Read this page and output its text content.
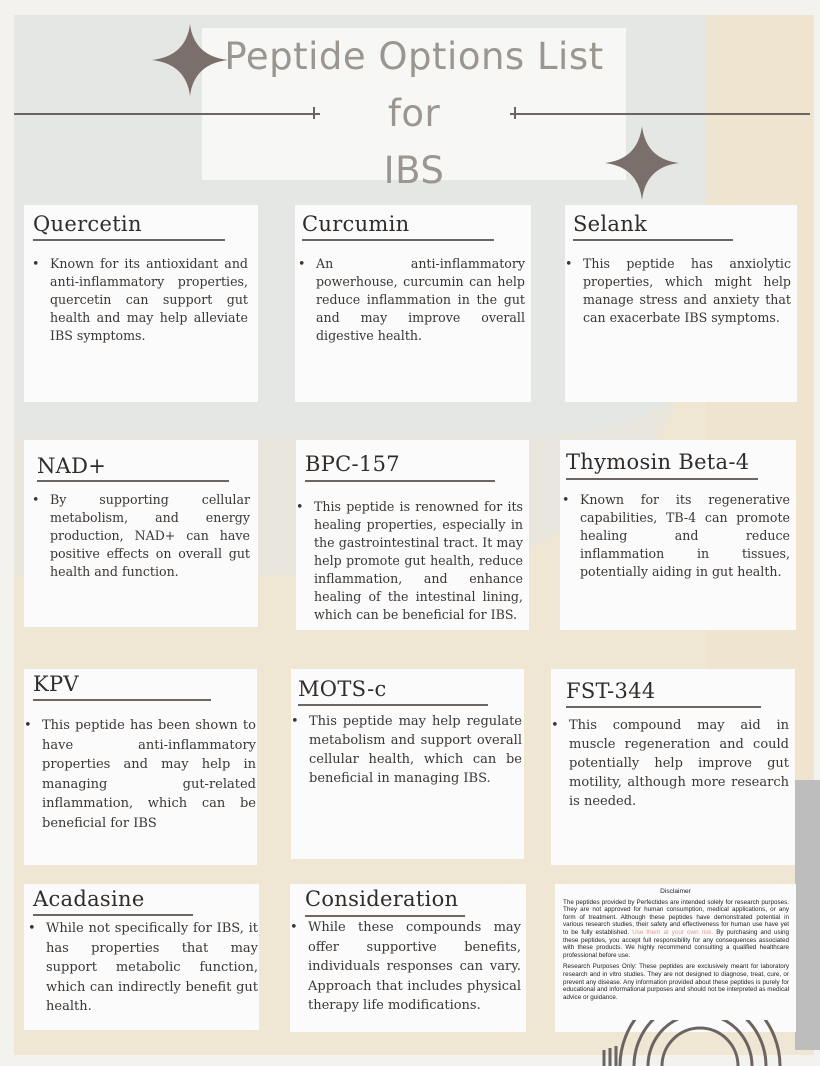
Peptide Options List
for
IBS
Quercetin
• Known for its antioxidant and anti-inflammatory properties, quercetin can support gut health and may help alleviate IBS symptoms.
Curcumin
• An anti-inflammatory powerhouse, curcumin can help reduce inflammation in the gut and may improve overall digestive health.
Selank
• This peptide has anxiolytic properties, which might help manage stress and anxiety that can exacerbate IBS symptoms.
NAD+
• By supporting cellular metabolism, and energy production, NAD+ can have positive effects on overall gut health and function.
BPC-157
• This peptide is renowned for its healing properties, especially in the gastrointestinal tract. It may help promote gut health, reduce inflammation, and enhance healing of the intestinal lining, which can be beneficial for IBS.
Thymosin Beta-4
• Known for its regenerative capabilities, TB-4 can promote healing and reduce inflammation in tissues, potentially aiding in gut health.
KPV
• This peptide has been shown to have anti-inflammatory properties and may help in managing gut-related inflammation, which can be beneficial for IBS
MOTS-c
• This peptide may help regulate metabolism and support overall cellular health, which can be beneficial in managing IBS.
FST-344
• This compound may aid in muscle regeneration and could potentially help improve gut motility, although more research is needed.
Acadasine
• While not specifically for IBS, it has properties that may support metabolic function, which can indirectly benefit gut health.
Consideration
• While these compounds may offer supportive benefits, individuals responses can vary. Approach that includes physical therapy life modifications.
Disclaimer

The peptides provided by Perfectides are intended solely for research purposes. They are not approved for human consumption, medical applications, or any form of treatment. Although these peptides have demonstrated potential in various research studies, their safety and effectiveness for human use have yet to be fully established. Use them at your own risk. By purchasing and using these peptides, you accept full responsibility for any consequences associated with these products. We highly recommend consulting a qualified healthcare professional before use.

Research Purposes Only: These peptides are exclusively meant for laboratory research and in vitro studies. They are not designed to diagnose, treat, cure, or prevent any disease. Any information provided about these peptides is purely for educational and informational purposes and should not be interpreted as medical advice or guidance.
